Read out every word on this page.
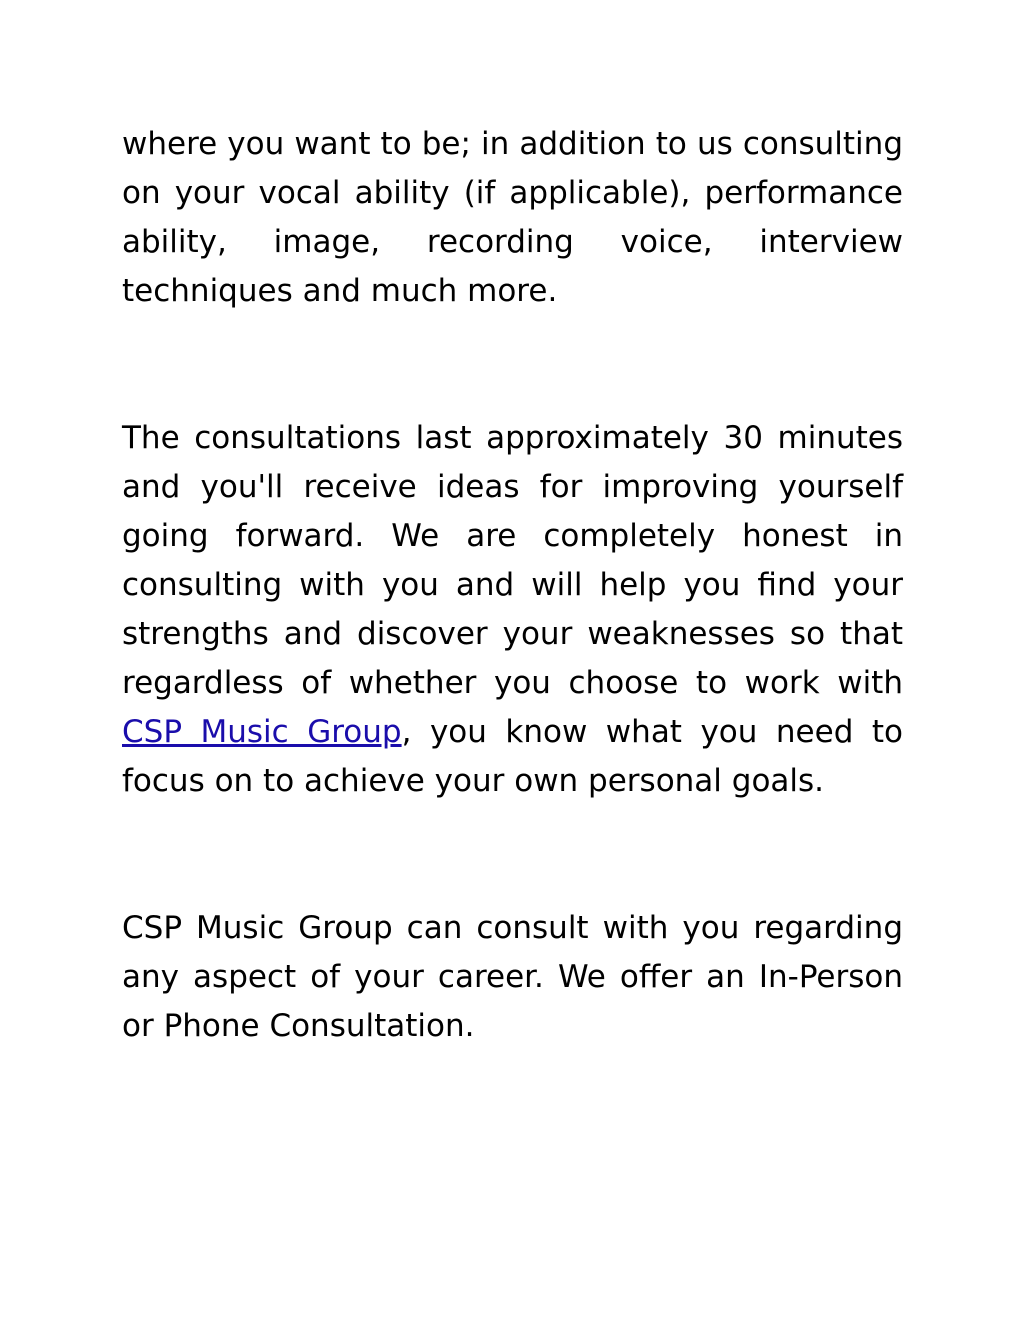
where you want to be; in addition to us consulting on your vocal ability (if applicable), performance ability, image, recording voice, interview techniques and much more.

The consultations last approximately 30 minutes and you'll receive ideas for improving yourself going forward. We are completely honest in consulting with you and will help you find your strengths and discover your weaknesses so that regardless of whether you choose to work with CSP Music Group, you know what you need to focus on to achieve your own personal goals.

CSP Music Group can consult with you regarding any aspect of your career. We offer an In-Person or Phone Consultation.
